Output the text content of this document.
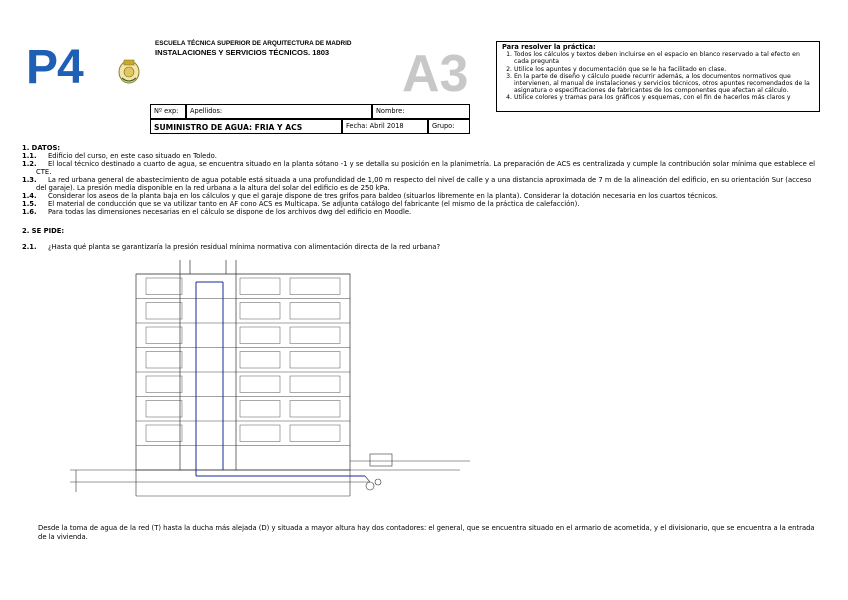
P4	ESCUELA TÉCNICA SUPERIOR DE ARQUITECTURA DE MADRID
INSTALACIONES Y SERVICIOS TÉCNICOS. 1803 A3
Nº exp:	Apellidos:	Nombre:
SUMINISTRO DE AGUA: FRIA Y ACS	Fecha: Abril 2018	Grupo:
Para resolver la práctica:
1. Todos los cálculos y textos deben incluirse en el espacio en blanco reservado a tal efecto en cada pregunta
2. Utilice los apuntes y documentación que se le ha facilitado en clase.
3. En la parte de diseño y cálculo puede recurrir además, a los documentos normativos que intervienen, al manual de instalaciones y servicios técnicos, otros apuntes recomendados de la asignatura o especificaciones de fabricantes de los componentes que afectan al cálculo.
4. Utilice colores y tramas para los gráficos y esquemas, con el fin de hacerlos más claros y
1. DATOS:
1.1.	Edificio del curso, en este caso situado en Toledo.
1.2.	El local técnico destinado a cuarto de agua, se encuentra situado en la planta sótano -1 y se detalla su posición en la planimetría. La preparación de ACS es centralizada y cumple la contribución solar mínima que establece el CTE.
1.3.	La red urbana general de abastecimiento de agua potable está situada a una profundidad de 1,00 m respecto del nivel de calle y a una distancia aproximada de 7 m de la alineación del edificio, en su orientación Sur (acceso del garaje). La presión media disponible en la red urbana a la altura del solar del edificio es de 250 kPa.
1.4.	Considerar los aseos de la planta baja en los cálculos y que el garaje dispone de tres grifos para baldeo (situarlos libremente en la planta). Considerar la dotación necesaria en los cuartos técnicos.
1.5.	El material de conducción que se va utilizar tanto en AF cono ACS es Multicapa. Se adjunta catálogo del fabricante (el mismo de la práctica de calefacción).
1.6.	Para todas las dimensiones necesarias en el cálculo se dispone de los archivos dwg del edificio en Moodle.
2. SE PIDE:
2.1.	¿Hasta qué planta se garantizaría la presión residual mínima normativa con alimentación directa de la red urbana?
Desde la toma de agua de la red (T) hasta la ducha más alejada (D) y situada a mayor altura hay dos contadores: el general, que se encuentra situado en el armario de acometida, y el divisionario, que se encuentra a la entrada de la vivienda.
